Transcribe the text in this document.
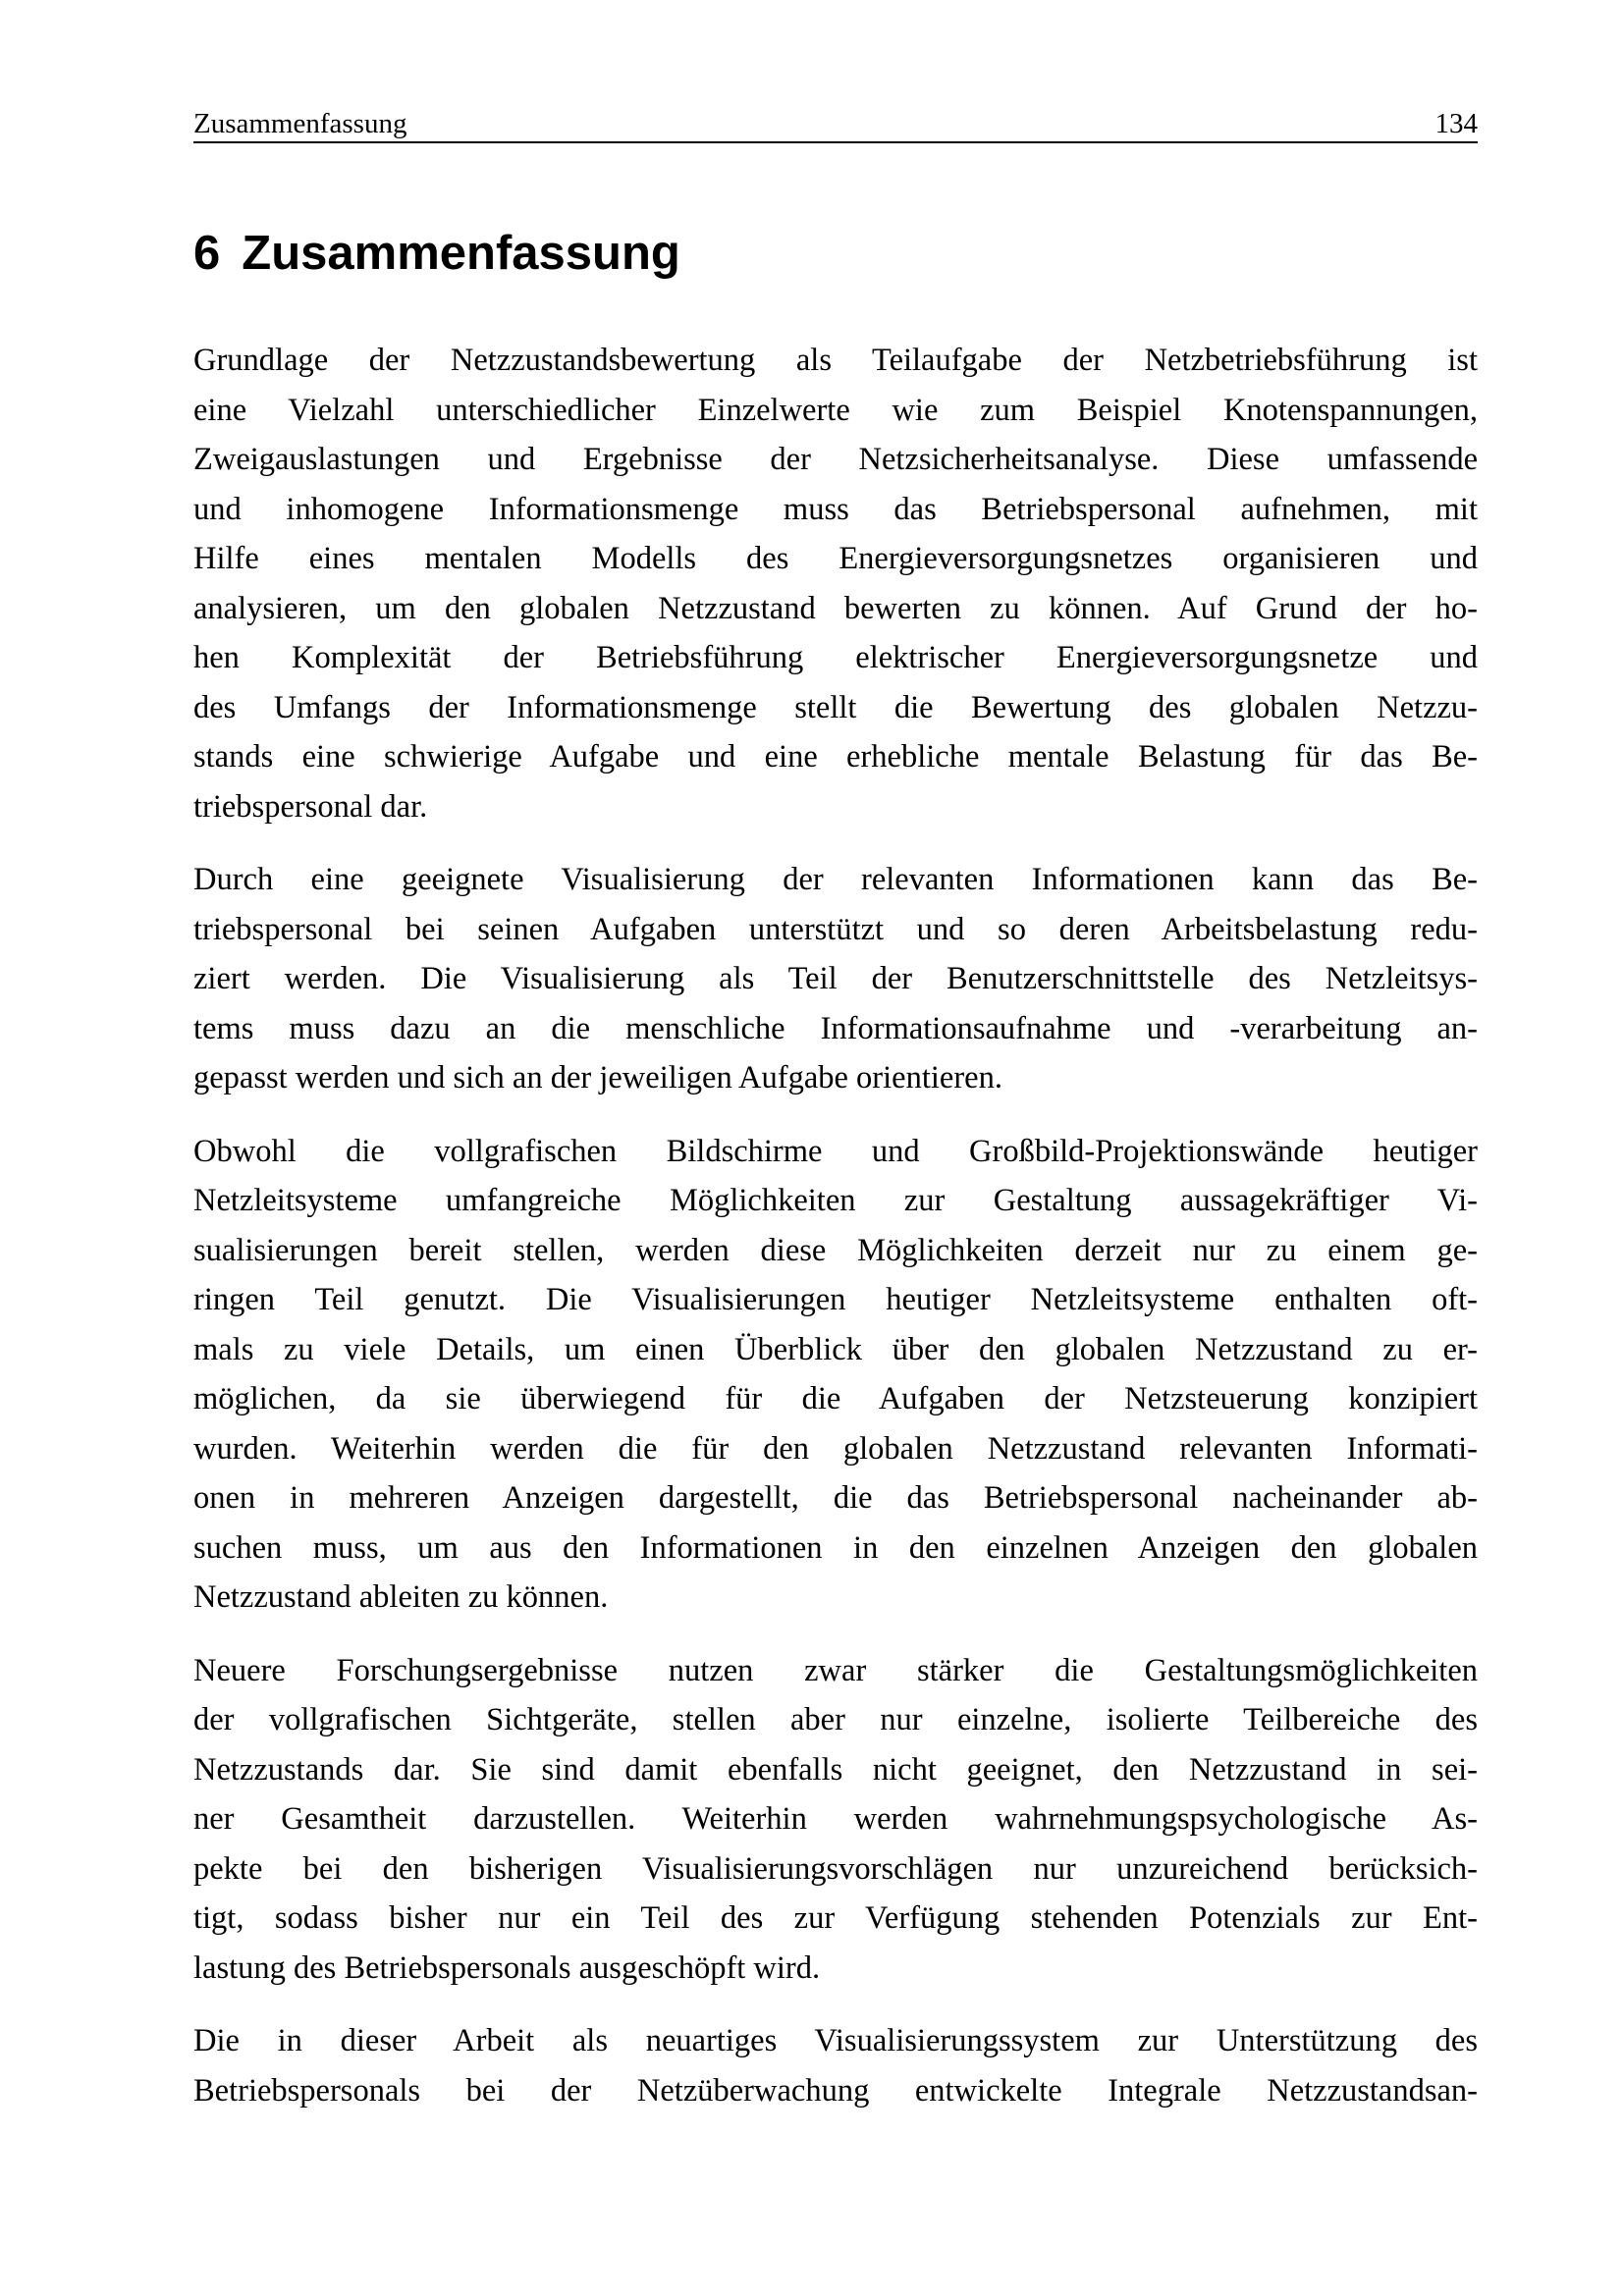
Zusammenfassung	134
6 Zusammenfassung
Grundlage der Netzzustandsbewertung als Teilaufgabe der Netzbetriebsführung ist
eine Vielzahl unterschiedlicher Einzelwerte wie zum Beispiel Knotenspannungen,
Zweigauslastungen und Ergebnisse der Netzsicherheitsanalyse. Diese umfassende
und inhomogene Informationsmenge muss das Betriebspersonal aufnehmen, mit
Hilfe eines mentalen Modells des Energieversorgungsnetzes organisieren und
analysieren, um den globalen Netzzustand bewerten zu können. Auf Grund der ho-
hen Komplexität der Betriebsführung elektrischer Energieversorgungsnetze und
des Umfangs der Informationsmenge stellt die Bewertung des globalen Netzzu-
stands eine schwierige Aufgabe und eine erhebliche mentale Belastung für das Be-
triebspersonal dar.
Durch eine geeignete Visualisierung der relevanten Informationen kann das Be-
triebspersonal bei seinen Aufgaben unterstützt und so deren Arbeitsbelastung redu-
ziert werden. Die Visualisierung als Teil der Benutzerschnittstelle des Netzleitsys-
tems muss dazu an die menschliche Informationsaufnahme und -verarbeitung an-
gepasst werden und sich an der jeweiligen Aufgabe orientieren.
Obwohl die vollgrafischen Bildschirme und Großbild-Projektionswände heutiger
Netzleitsysteme umfangreiche Möglichkeiten zur Gestaltung aussagekräftiger Vi-
sualisierungen bereit stellen, werden diese Möglichkeiten derzeit nur zu einem ge-
ringen Teil genutzt. Die Visualisierungen heutiger Netzleitsysteme enthalten oft-
mals zu viele Details, um einen Überblick über den globalen Netzzustand zu er-
möglichen, da sie überwiegend für die Aufgaben der Netzsteuerung konzipiert
wurden. Weiterhin werden die für den globalen Netzzustand relevanten Informati-
onen in mehreren Anzeigen dargestellt, die das Betriebspersonal nacheinander ab-
suchen muss, um aus den Informationen in den einzelnen Anzeigen den globalen
Netzzustand ableiten zu können.
Neuere Forschungsergebnisse nutzen zwar stärker die Gestaltungsmöglichkeiten
der vollgrafischen Sichtgeräte, stellen aber nur einzelne, isolierte Teilbereiche des
Netzzustands dar. Sie sind damit ebenfalls nicht geeignet, den Netzzustand in sei-
ner Gesamtheit darzustellen. Weiterhin werden wahrnehmungspsychologische As-
pekte bei den bisherigen Visualisierungsvorschlägen nur unzureichend berücksich-
tigt, sodass bisher nur ein Teil des zur Verfügung stehenden Potenzials zur Ent-
lastung des Betriebspersonals ausgeschöpft wird.
Die in dieser Arbeit als neuartiges Visualisierungssystem zur Unterstützung des
Betriebspersonals bei der Netzüberwachung entwickelte Integrale Netzzustandsan-
